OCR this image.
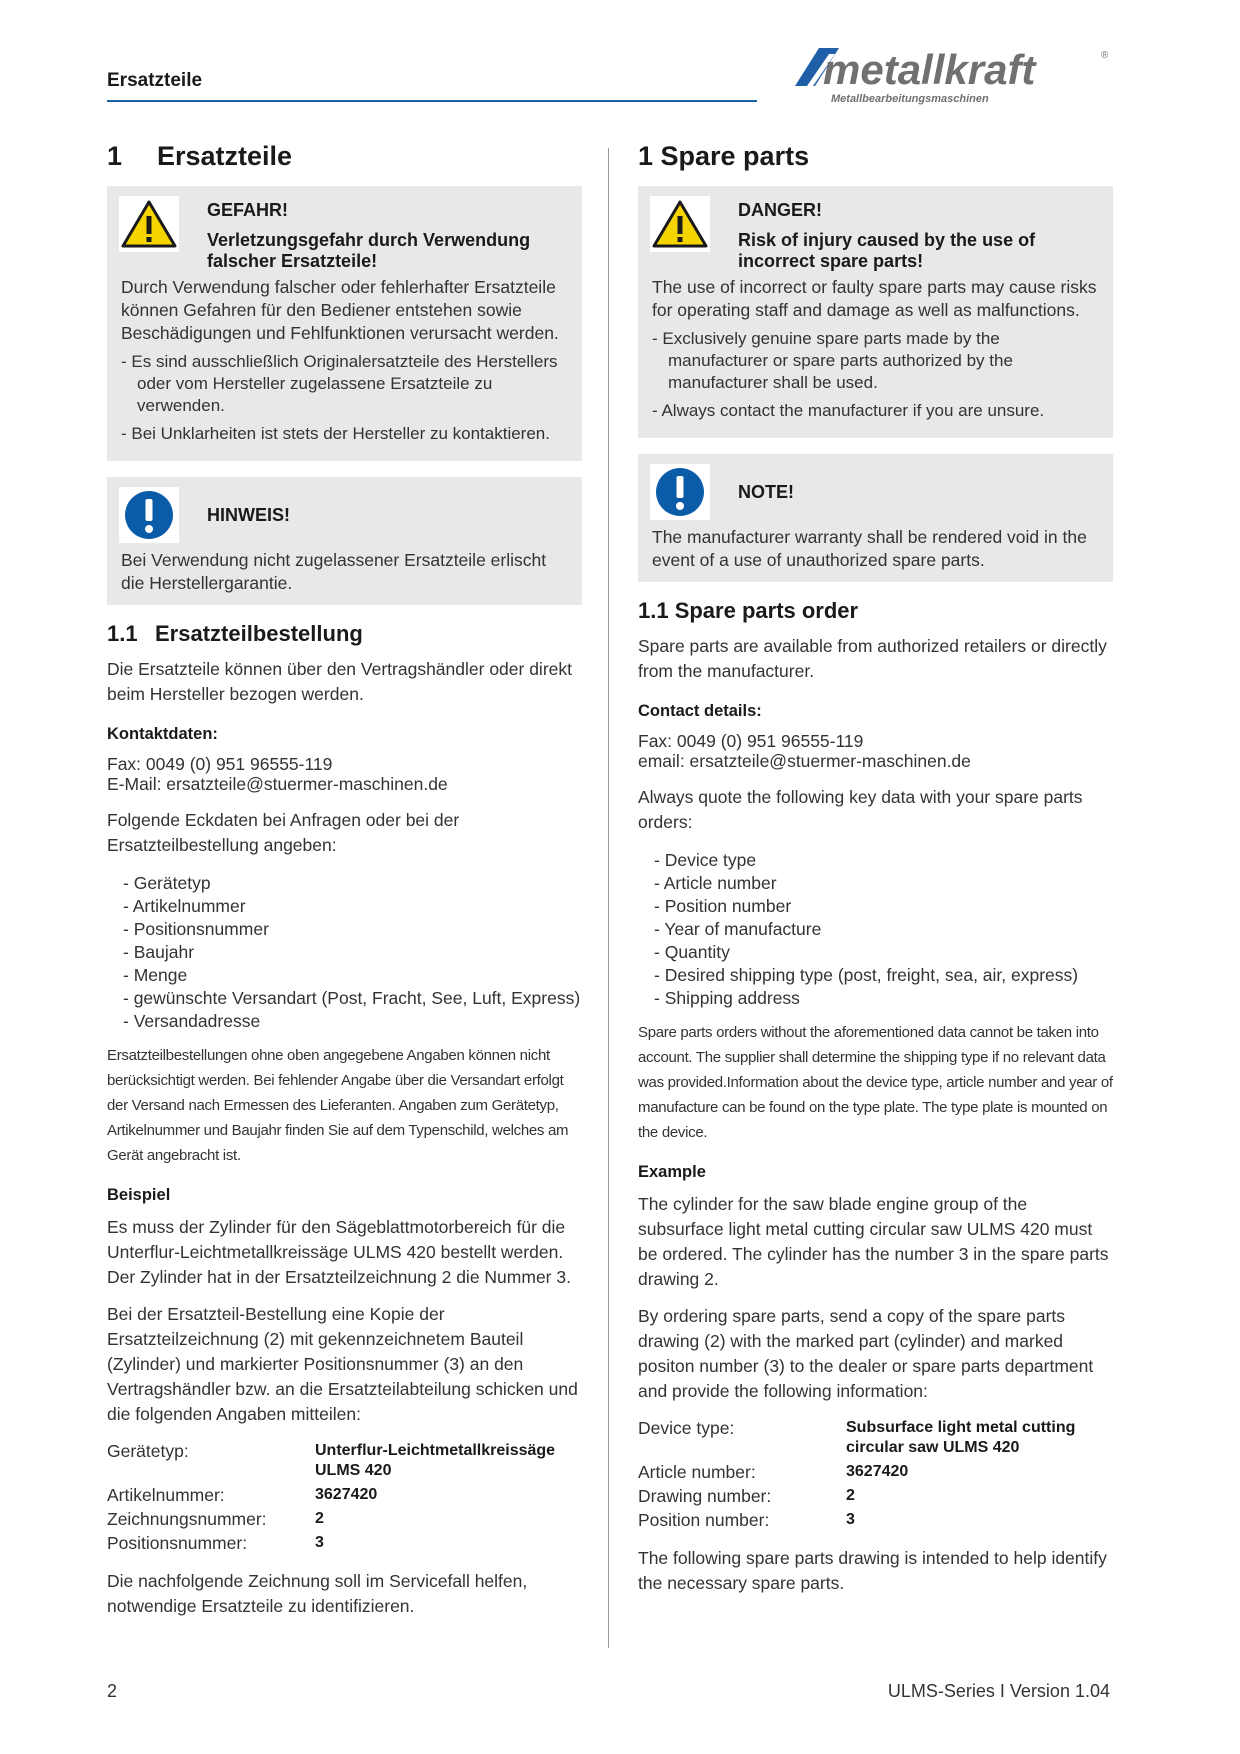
Ersatzteile	metallkraft	®
Metallbearbeitungsmaschinen
1 Ersatzteile
GEFAHR!
Verletzungsgefahr durch Verwendung falscher Ersatzteile!

Durch Verwendung falscher oder fehlerhafter Ersatzteile können Gefahren für den Bediener entstehen sowie Beschädigungen und Fehlfunktionen verursacht werden.

- Es sind ausschließlich Originalersatzteile des Herstellers oder vom Hersteller zugelassene Ersatzteile zu verwenden.
- Bei Unklarheiten ist stets der Hersteller zu kontaktieren.
HINWEIS!

Bei Verwendung nicht zugelassener Ersatzteile erlischt die Herstellergarantie.

1.1 Ersatzteilbestellung

Die Ersatzteile können über den Vertragshändler oder direkt beim Hersteller bezogen werden.

Kontaktdaten:
Fax: 0049 (0) 951 96555-119
E-Mail: ersatzteile@stuermer-maschinen.de

Folgende Eckdaten bei Anfragen oder bei der Ersatzteilbestellung angeben:

- Gerätetyp
- Artikelnummer
- Positionsnummer
- Baujahr
- Menge
- gewünschte Versandart (Post, Fracht, See, Luft, Express)
- Versandadresse

Ersatzteilbestellungen ohne oben angegebene Angaben können nicht berücksichtigt werden. Bei fehlender Angabe über die Versandart erfolgt der Versand nach Ermessen des Lieferanten. Angaben zum Gerätetyp, Artikelnummer und Baujahr finden Sie auf dem Typenschild, welches am Gerät angebracht ist.

Beispiel

Es muss der Zylinder für den Sägeblattmotorbereich für die Unterflur-Leichtmetallkreissäge ULMS 420 bestellt werden. Der Zylinder hat in der Ersatzteilzeichnung 2 die Nummer 3.

Bei der Ersatzteil-Bestellung eine Kopie der Ersatzteilzeichnung (2) mit gekennzeichnetem Bauteil (Zylinder) und markierter Positionsnummer (3) an den Vertragshändler bzw. an die Ersatzteilabteilung schicken und die folgenden Angaben mitteilen:

Gerätetyp:	Unterflur-Leichtmetallkreissäge ULMS 420
Artikelnummer:	3627420
Zeichnungsnummer:	2
Positionsnummer:	3

Die nachfolgende Zeichnung soll im Servicefall helfen, notwendige Ersatzteile zu identifizieren.

1 Spare parts
DANGER!
Risk of injury caused by the use of incorrect spare parts!

The use of incorrect or faulty spare parts may cause risks for operating staff and damage as well as malfunctions.

- Exclusively genuine spare parts made by the manufacturer or spare parts authorized by the manufacturer shall be used.
- Always contact the manufacturer if you are unsure.
NOTE!

The manufacturer warranty shall be rendered void in the event of a use of unauthorized spare parts.

1.1 Spare parts order

Spare parts are available from authorized retailers or directly from the manufacturer.

Contact details:
Fax: 0049 (0) 951 96555-119
email: ersatzteile@stuermer-maschinen.de

Always quote the following key data with your spare parts orders:

- Device type
- Article number
- Position number
- Year of manufacture
- Quantity
- Desired shipping type (post, freight, sea, air, express)
- Shipping address

Spare parts orders without the aforementioned data cannot be taken into account. The supplier shall determine the shipping type if no relevant data was provided.Information about the device type, article number and year of manufacture can be found on the type plate. The type plate is mounted on the device.

Example

The cylinder for the saw blade engine group of the subsurface light metal cutting circular saw ULMS 420 must be ordered. The cylinder has the number 3 in the spare parts drawing 2.

By ordering spare parts, send a copy of the spare parts drawing (2) with the marked part (cylinder) and marked positon number (3) to the dealer or spare parts department and provide the following information:

Device type:	Subsurface light metal cutting circular saw ULMS 420
Article number:	3627420
Drawing number:	2
Position number:	3

The following spare parts drawing is intended to help identify the necessary spare parts.

2	ULMS-Series I Version 1.04
